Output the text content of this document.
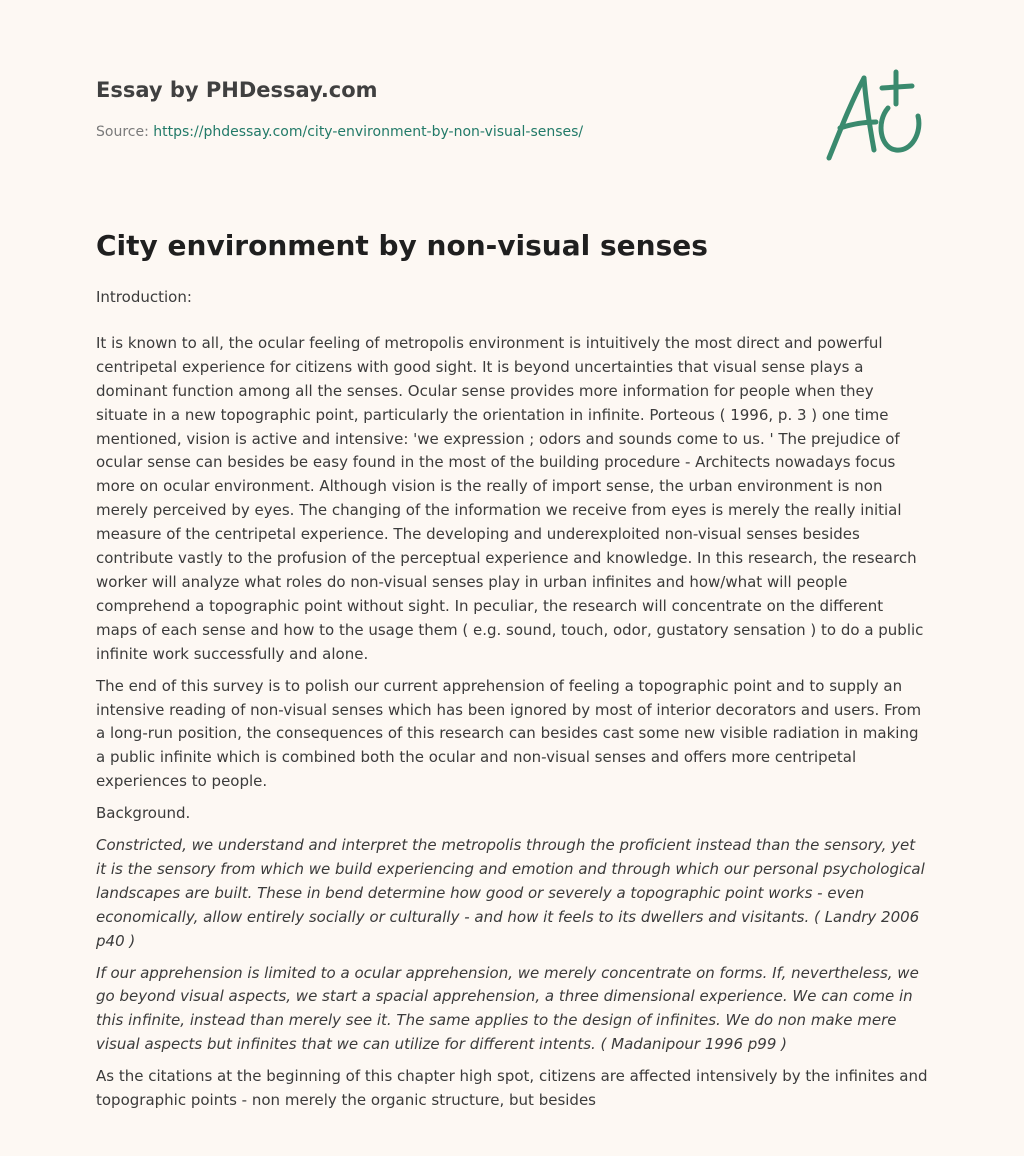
Essay by PHDessay.com
Source: https://phdessay.com/city-environment-by-non-visual-senses/
City environment by non-visual senses

Introduction:

It is known to all, the ocular feeling of metropolis environment is intuitively the most direct and powerful centripetal experience for citizens with good sight. It is beyond uncertainties that visual sense plays a dominant function among all the senses. Ocular sense provides more information for people when they situate in a new topographic point, particularly the orientation in infinite. Porteous ( 1996, p. 3 ) one time mentioned, vision is active and intensive: 'we expression ; odors and sounds come to us. ' The prejudice of ocular sense can besides be easy found in the most of the building procedure - Architects nowadays focus more on ocular environment. Although vision is the really of import sense, the urban environment is non merely perceived by eyes. The changing of the information we receive from eyes is merely the really initial measure of the centripetal experience. The developing and underexploited non-visual senses besides contribute vastly to the profusion of the perceptual experience and knowledge. In this research, the research worker will analyze what roles do non-visual senses play in urban infinites and how/what will people comprehend a topographic point without sight. In peculiar, the research will concentrate on the different maps of each sense and how to the usage them ( e.g. sound, touch, odor, gustatory sensation ) to do a public infinite work successfully and alone.

The end of this survey is to polish our current apprehension of feeling a topographic point and to supply an intensive reading of non-visual senses which has been ignored by most of interior decorators and users. From a long-run position, the consequences of this research can besides cast some new visible radiation in making a public infinite which is combined both the ocular and non-visual senses and offers more centripetal experiences to people.

Background.

Constricted, we understand and interpret the metropolis through the proficient instead than the sensory, yet it is the sensory from which we build experiencing and emotion and through which our personal psychological landscapes are built. These in bend determine how good or severely a topographic point works - even economically, allow entirely socially or culturally - and how it feels to its dwellers and visitants. ( Landry 2006 p40 )

If our apprehension is limited to a ocular apprehension, we merely concentrate on forms. If, nevertheless, we go beyond visual aspects, we start a spacial apprehension, a three dimensional experience. We can come in this infinite, instead than merely see it. The same applies to the design of infinites. We do non make mere visual aspects but infinites that we can utilize for different intents. ( Madanipour 1996 p99 )

As the citations at the beginning of this chapter high spot, citizens are affected intensively by the infinites and topographic points - non merely the organic structure, but besides
